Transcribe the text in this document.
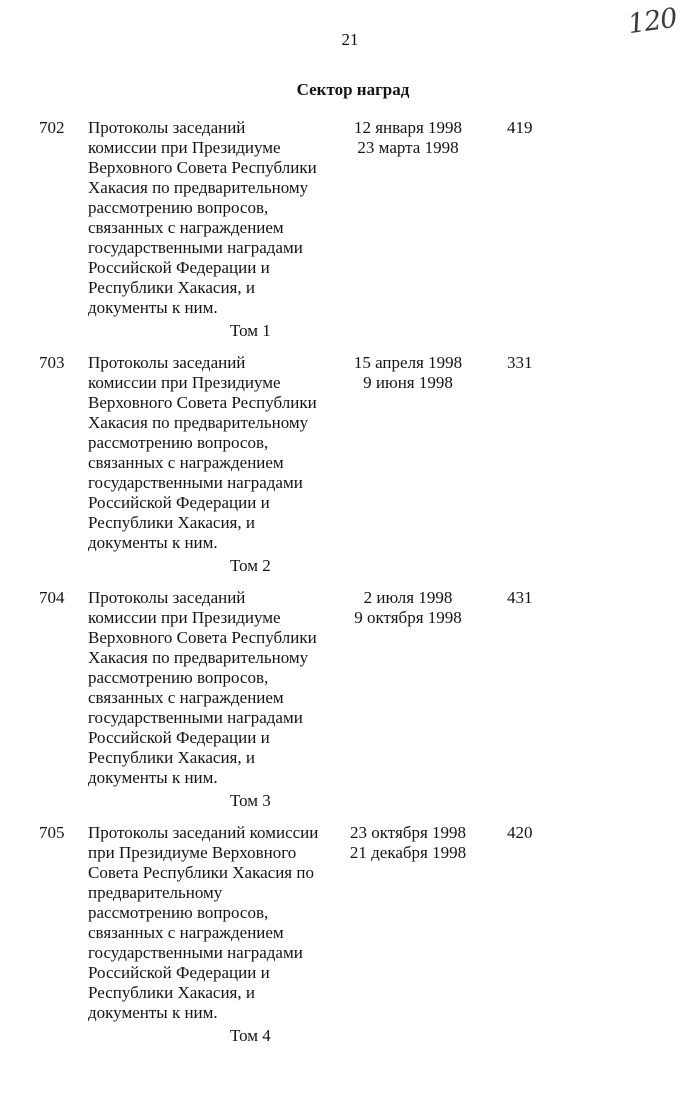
21	120
Сектор наград
702 Протоколы заседаний
комиссии при Президиуме
Верховного Совета Республики
Хакасия по предварительному
рассмотрению вопросов,
связанных с награждением
государственными наградами
Российской Федерации и
Республики Хакасия, и
документы к ним.
Том 1
12 января 1998
23 марта 1998
419
703 Протоколы заседаний
комиссии при Президиуме
Верховного Совета Республики
Хакасия по предварительному
рассмотрению вопросов,
связанных с награждением
государственными наградами
Российской Федерации и
Республики Хакасия, и
документы к ним.
Том 2
15 апреля 1998
9 июня 1998
331
704 Протоколы заседаний
комиссии при Президиуме
Верховного Совета Республики
Хакасия по предварительному
рассмотрению вопросов,
связанных с награждением
государственными наградами
Российской Федерации и
Республики Хакасия, и
документы к ним.
Том 3
2 июля 1998
9 октября 1998
431
705 Протоколы заседаний комиссии
при Президиуме Верховного
Совета Республики Хакасия по
предварительному
рассмотрению вопросов,
связанных с награждением
государственными наградами
Российской Федерации и
Республики Хакасия, и
документы к ним.
Том 4
23 октября 1998
21 декабря 1998
420
